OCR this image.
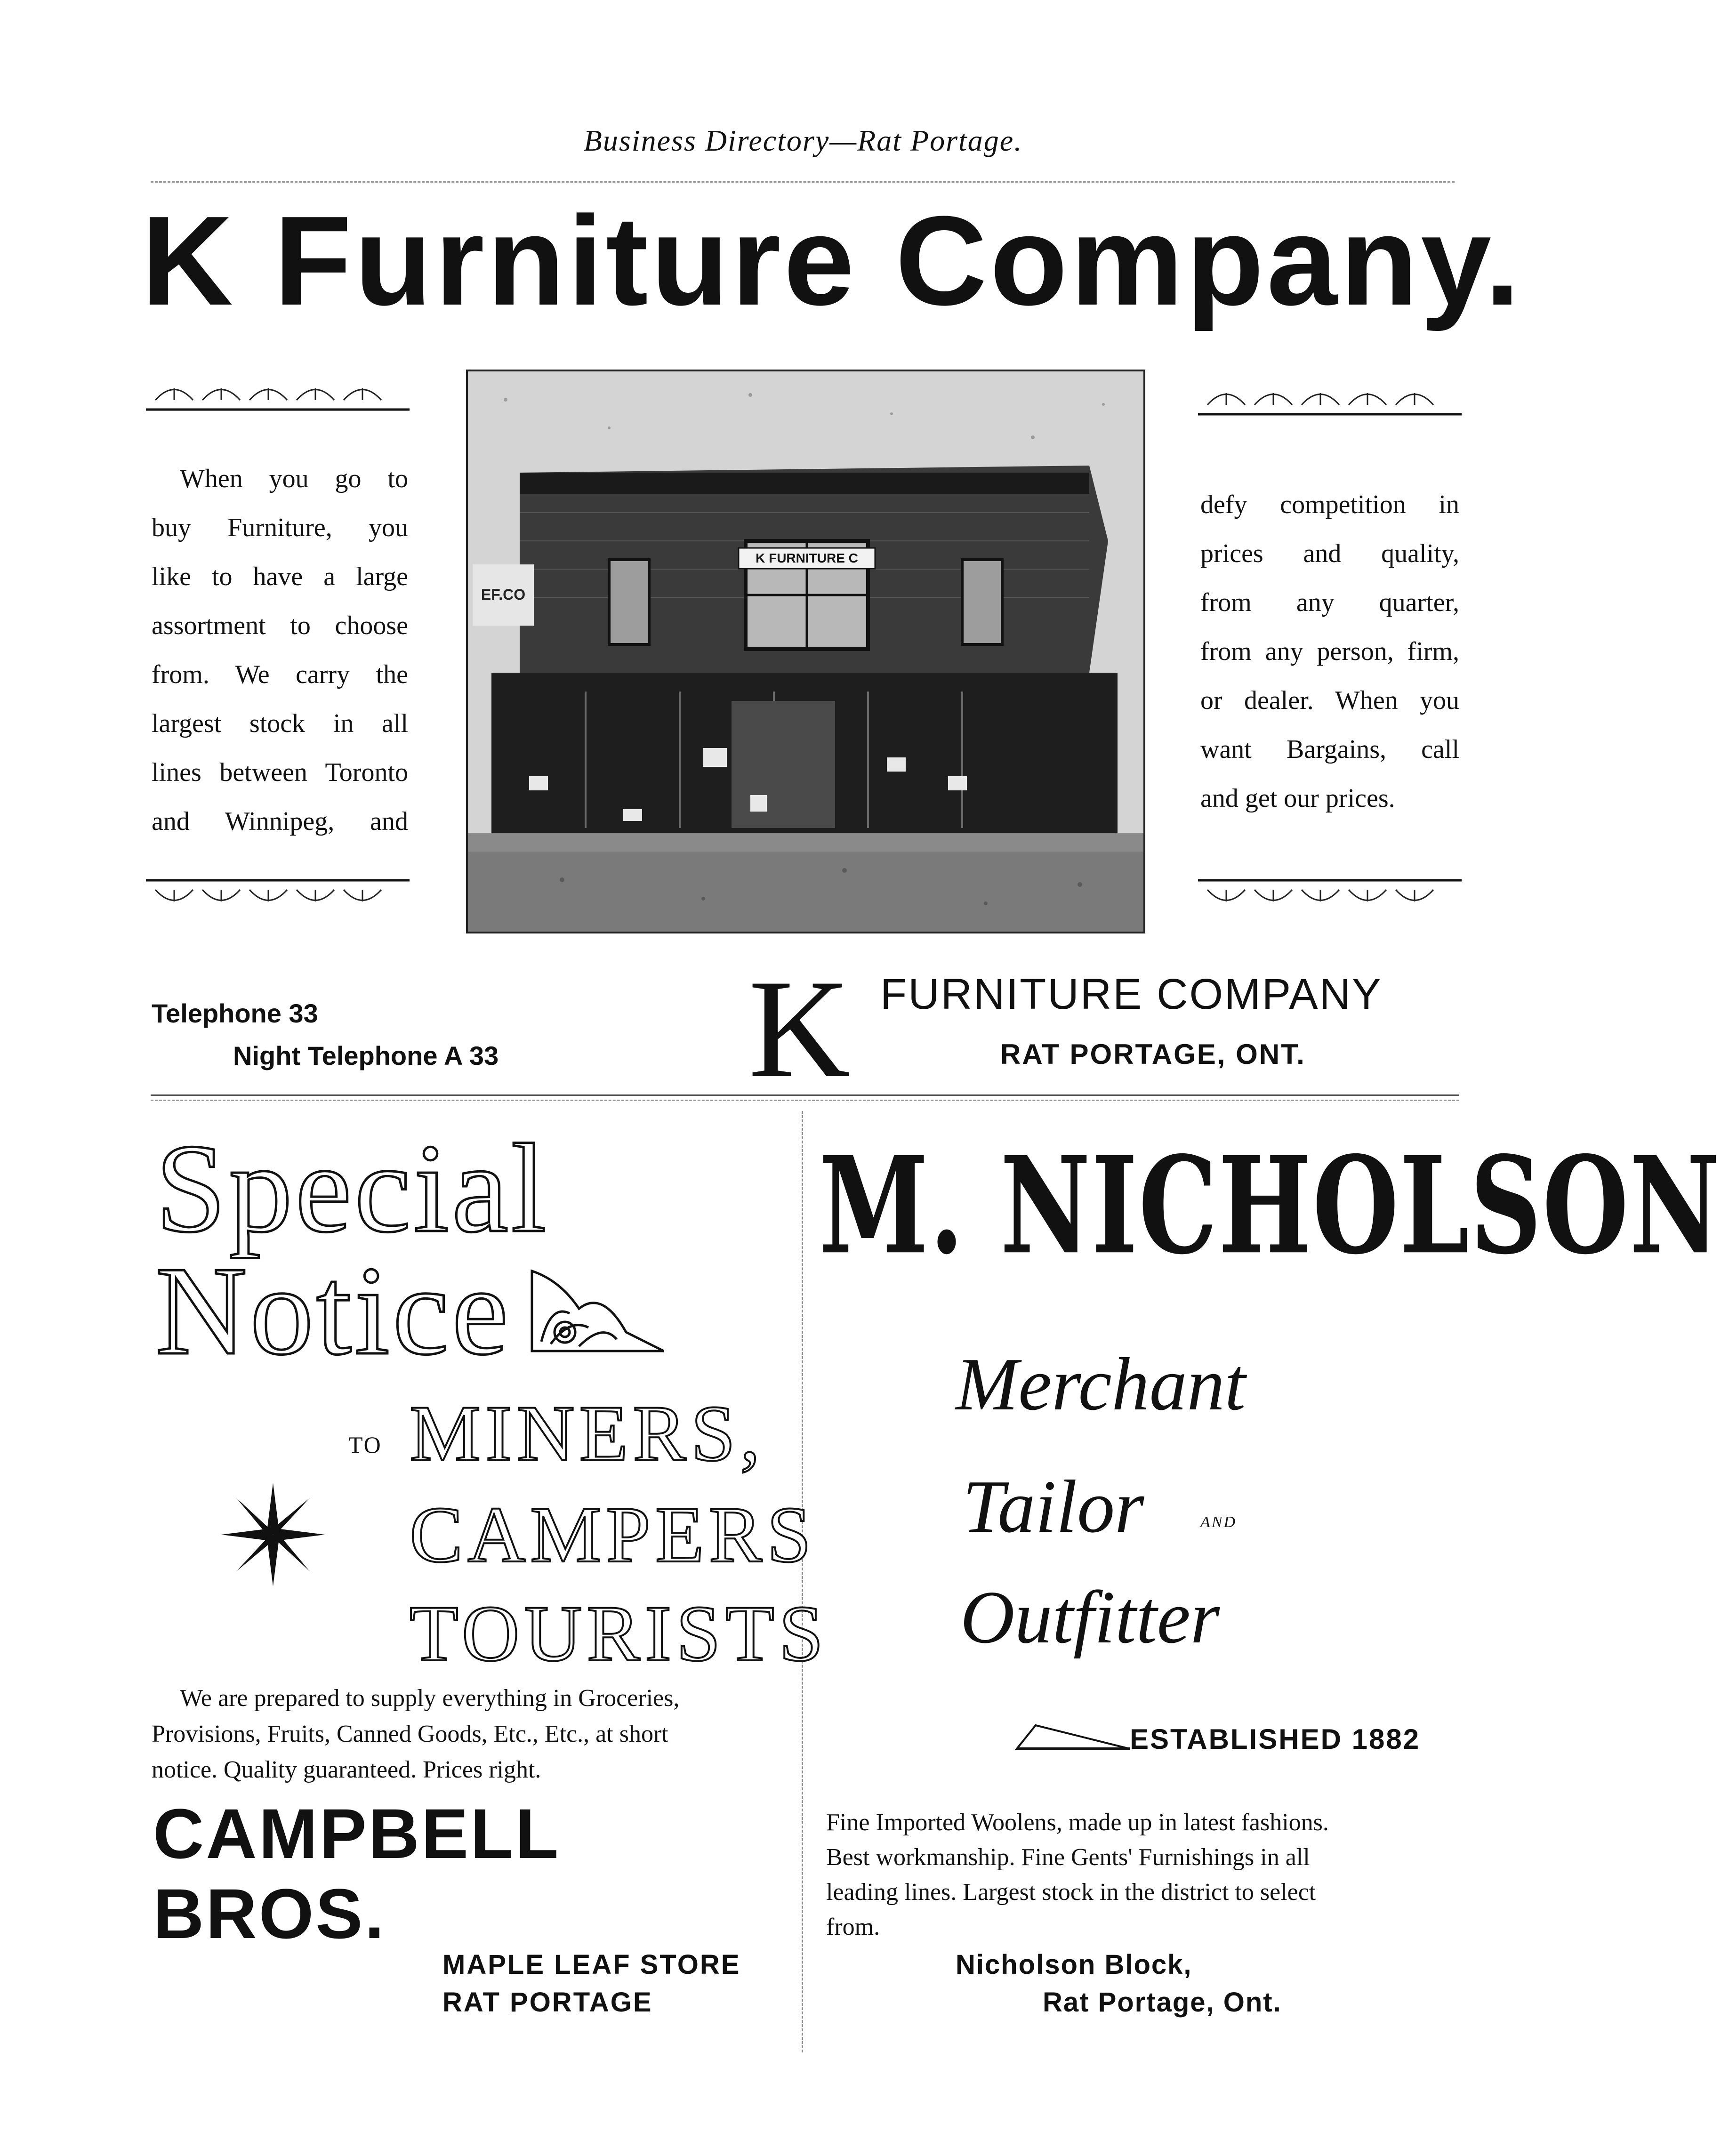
Business Directory—Rat Portage.
K Furniture Company.
When you go to
buy Furniture, you
like to have a large
assortment to choose
from. We carry the
largest stock in all
lines between Toronto
and Winnipeg, and
K FURNITURE C
EF.CO
defy competition in
prices and quality,
from any quarter,
from any person, firm,
or dealer. When you
want Bargains, call
and get our prices.
Telephone 33
Night Telephone A 33 K FURNITURE COMPANY
RAT PORTAGE, ONT.
Special
Notice
TO MINERS,
CAMPERS
TOURISTS
We are prepared to supply everything in Groceries,
Provisions, Fruits, Canned Goods, Etc., Etc., at short
notice. Quality guaranteed. Prices right.
CAMPBELL
BROS.
MAPLE LEAF STORE
RAT PORTAGE
M. NICHOLSON
Merchant
Tailor	AND
Outfitter
ESTABLISHED 1882
Fine Imported Woolens, made up in latest fashions.
Best workmanship. Fine Gents' Furnishings in all
leading lines. Largest stock in the district to select
from.
Nicholson Block,
Rat Portage, Ont.
